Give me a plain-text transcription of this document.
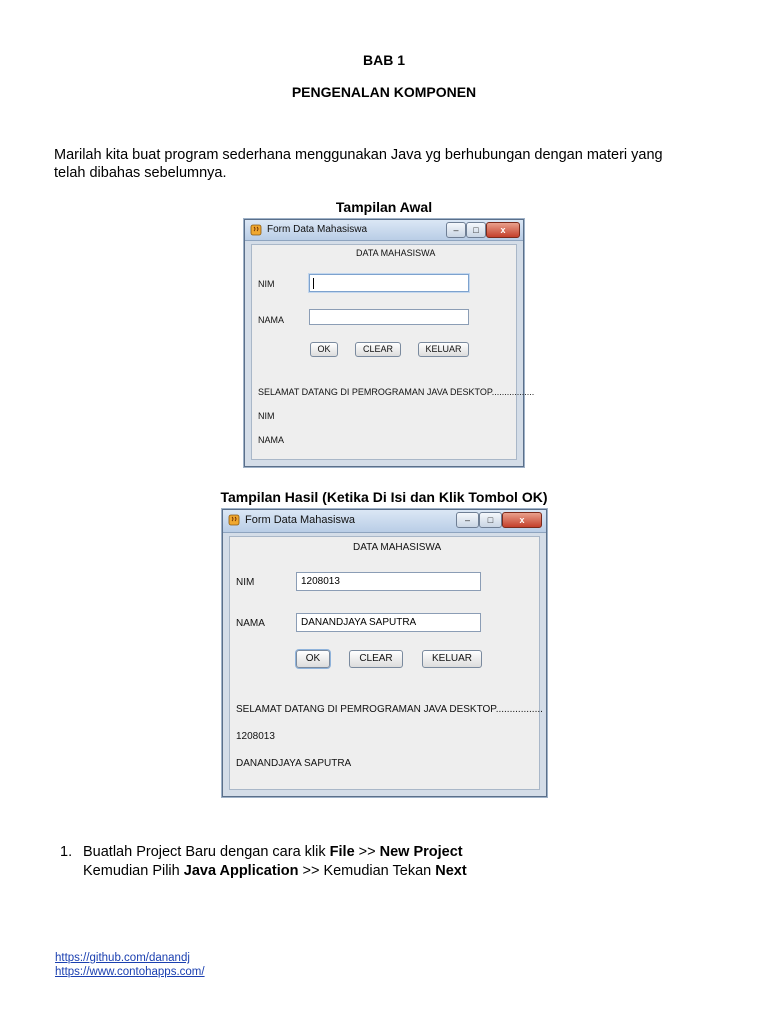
BAB 1
PENGENALAN KOMPONEN
Marilah kita buat program sederhana menggunakan Java yg berhubungan dengan materi yang
telah dibahas sebelumnya.
Tampilan Awal
Form Data Mahasiswa	–	□	x
DATA MAHASISWA
NIM
NAMA
OK	CLEAR	KELUAR
SELAMAT DATANG DI PEMROGRAMAN JAVA DESKTOP.................
NIM
NAMA
Tampilan Hasil (Ketika Di Isi dan Klik Tombol OK)
Form Data Mahasiswa	–	□	x
DATA MAHASISWA
NIM	1208013
NAMA	DANANDJAYA SAPUTRA
OK	CLEAR	KELUAR
SELAMAT DATANG DI PEMROGRAMAN JAVA DESKTOP.................
1208013
DANANDJAYA SAPUTRA
1. Buatlah Project Baru dengan cara klik File >> New Project
Kemudian Pilih Java Application >> Kemudian Tekan Next
https://github.com/danandj
https://www.contohapps.com/
